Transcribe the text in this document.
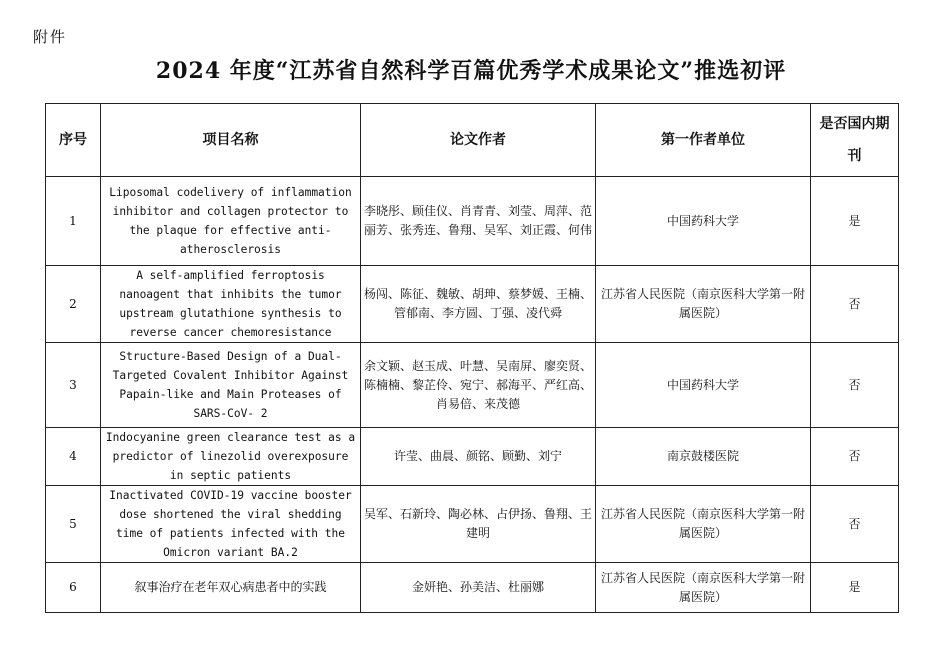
附件
2024 年度“江苏省自然科学百篇优秀学术成果论文”推选初评
序号	项目名称	论文作者	第一作者单位	是否国内期刊
1	Liposomal codelivery of inflammation inhibitor and collagen protector to the plaque for effective anti-atherosclerosis	李晓彤、顾佳仪、肖青青、刘莹、周萍、范丽芳、张秀连、鲁翔、吴军、刘正霞、何伟	中国药科大学	是
2	A self-amplified ferroptosis nanoagent that inhibits the tumor upstream glutathione synthesis to reverse cancer chemoresistance	杨闯、陈征、魏敏、胡珅、蔡梦媛、王楠、管郁南、李方圆、丁强、凌代舜	江苏省人民医院（南京医科大学第一附属医院）	否
3	Structure-Based Design of a Dual-Targeted Covalent Inhibitor Against Papain-like and Main Proteases of SARS-CoV- 2	余文颖、赵玉成、叶慧、吴南屏、廖奕贤、陈楠楠、黎芷伶、宛宁、郝海平、严红高、肖易倍、来茂德	中国药科大学	否
4	Indocyanine green clearance test as a predictor of linezolid overexposure in septic patients	许莹、曲晨、颜铭、顾勤、刘宁	南京鼓楼医院	否
5	Inactivated COVID-19 vaccine booster dose shortened the viral shedding time of patients infected with the Omicron variant BA.2	吴军、石新玲、陶必林、占伊扬、鲁翔、王建明	江苏省人民医院（南京医科大学第一附属医院）	否
6	叙事治疗在老年双心病患者中的实践	金妍艳、孙美洁、杜丽娜	江苏省人民医院（南京医科大学第一附属医院）	是
